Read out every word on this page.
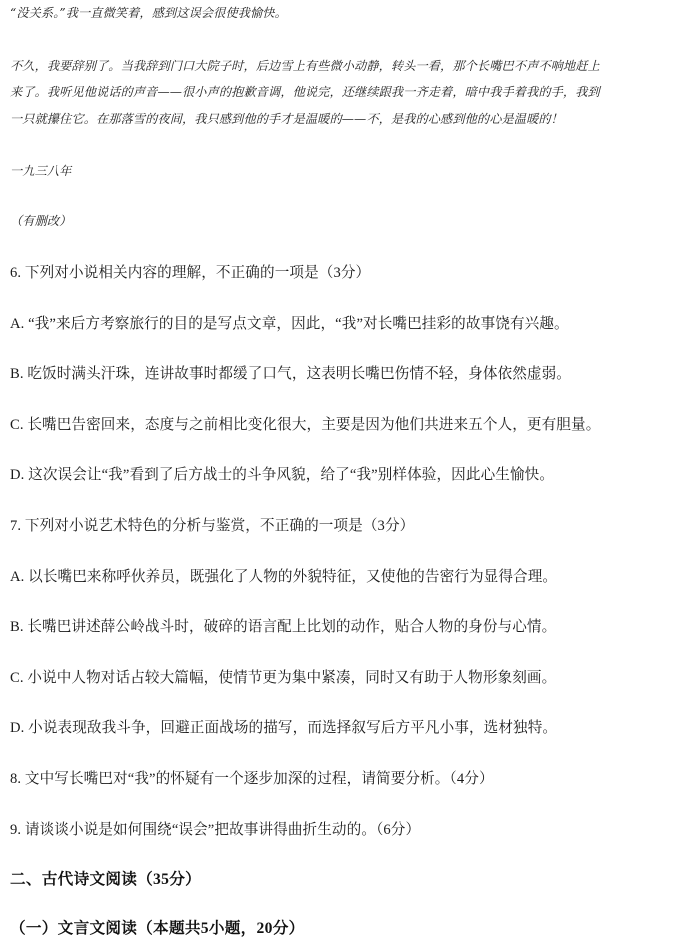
“没关系。”我一直微笑着，感到这误会很使我愉快。
不久，我要辞别了。当我辞到门口大院子时，后边雪上有些微小动静，转头一看，那个长嘴巴不声不响地赶上
来了。我听见他说话的声音——很小声的抱歉音调，他说完，还继续跟我一齐走着，暗中我手着我的手，我到
一只就攥住它。在那落雪的夜间，我只感到他的手才是温暖的——不，是我的心感到他的心是温暖的！
一九三八年
（有删改）
6. 下列对小说相关内容的理解，不正确的一项是（3分）
A. “我”来后方考察旅行的目的是写点文章，因此，“我”对长嘴巴挂彩的故事饶有兴趣。
B. 吃饭时满头汗珠，连讲故事时都缓了口气，这表明长嘴巴伤情不轻，身体依然虚弱。
C. 长嘴巴告密回来，态度与之前相比变化很大，主要是因为他们共进来五个人，更有胆量。
D. 这次误会让“我”看到了后方战士的斗争风貌，给了“我”别样体验，因此心生愉快。
7. 下列对小说艺术特色的分析与鉴赏，不正确的一项是（3分）
A. 以长嘴巴来称呼伙养员，既强化了人物的外貌特征，又使他的告密行为显得合理。
B. 长嘴巴讲述薛公岭战斗时，破碎的语言配上比划的动作，贴合人物的身份与心情。
C. 小说中人物对话占较大篇幅，使情节更为集中紧凑，同时又有助于人物形象刻画。
D. 小说表现敌我斗争，回避正面战场的描写，而选择叙写后方平凡小事，选材独特。
8. 文中写长嘴巴对“我”的怀疑有一个逐步加深的过程，请简要分析。（4分）
9. 请谈谈小说是如何围绕“误会”把故事讲得曲折生动的。（6分）
二、古代诗文阅读（35分）
（一）文言文阅读（本题共5小题，20分）
